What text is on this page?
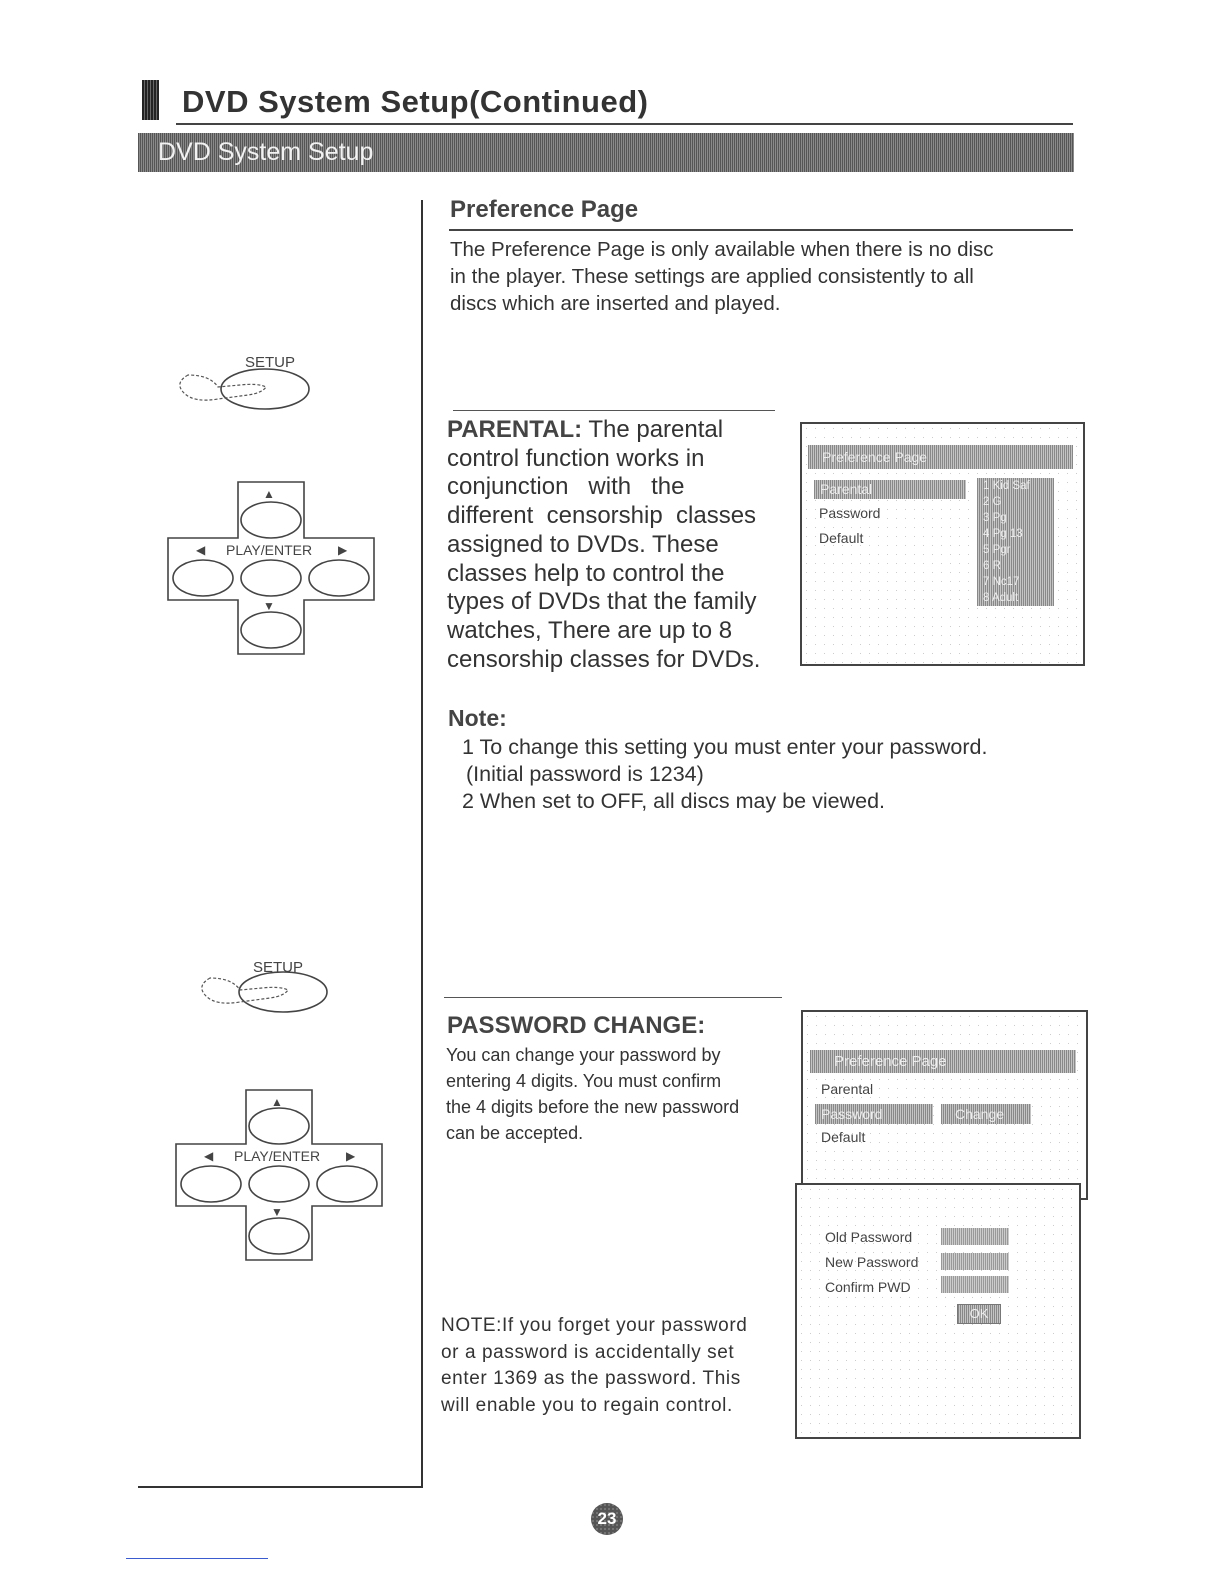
DVD System Setup(Continued)
DVD System Setup
SETUP
▲
▼
◀	▶
PLAY/ENTER
SETUP
▲
▼
◀	▶
PLAY/ENTER
Preference Page
The Preference Page is only available when there is no disc
in the player. These settings are applied consistently to all
discs which are inserted and played.
PARENTAL: The parental
control function works in
conjunction   with   the
different  censorship  classes
assigned to DVDs. These
classes help to control the
types of DVDs that the family
watches, There are up to 8
censorship classes for DVDs.
Preference Page
Parental
Password
Default
1 Kid Saf
2 G
3 Pg
4 Pg 13
5 Pgr
6 R
7 Nc17
8 Adult
Note:
1 To change this setting you must enter your password.
(Initial password is 1234)
2 When set to OFF, all discs may be viewed.
PASSWORD CHANGE:
You can change your password by
entering 4 digits. You must confirm
the 4 digits before the new password
can be accepted.
NOTE:If you forget your password
or a password is accidentally set
enter 1369 as the password. This
will enable you to regain control.
Preference Page
Parental
Password	Change
Default
Old Password
New Password
Confirm PWD
OK
23
